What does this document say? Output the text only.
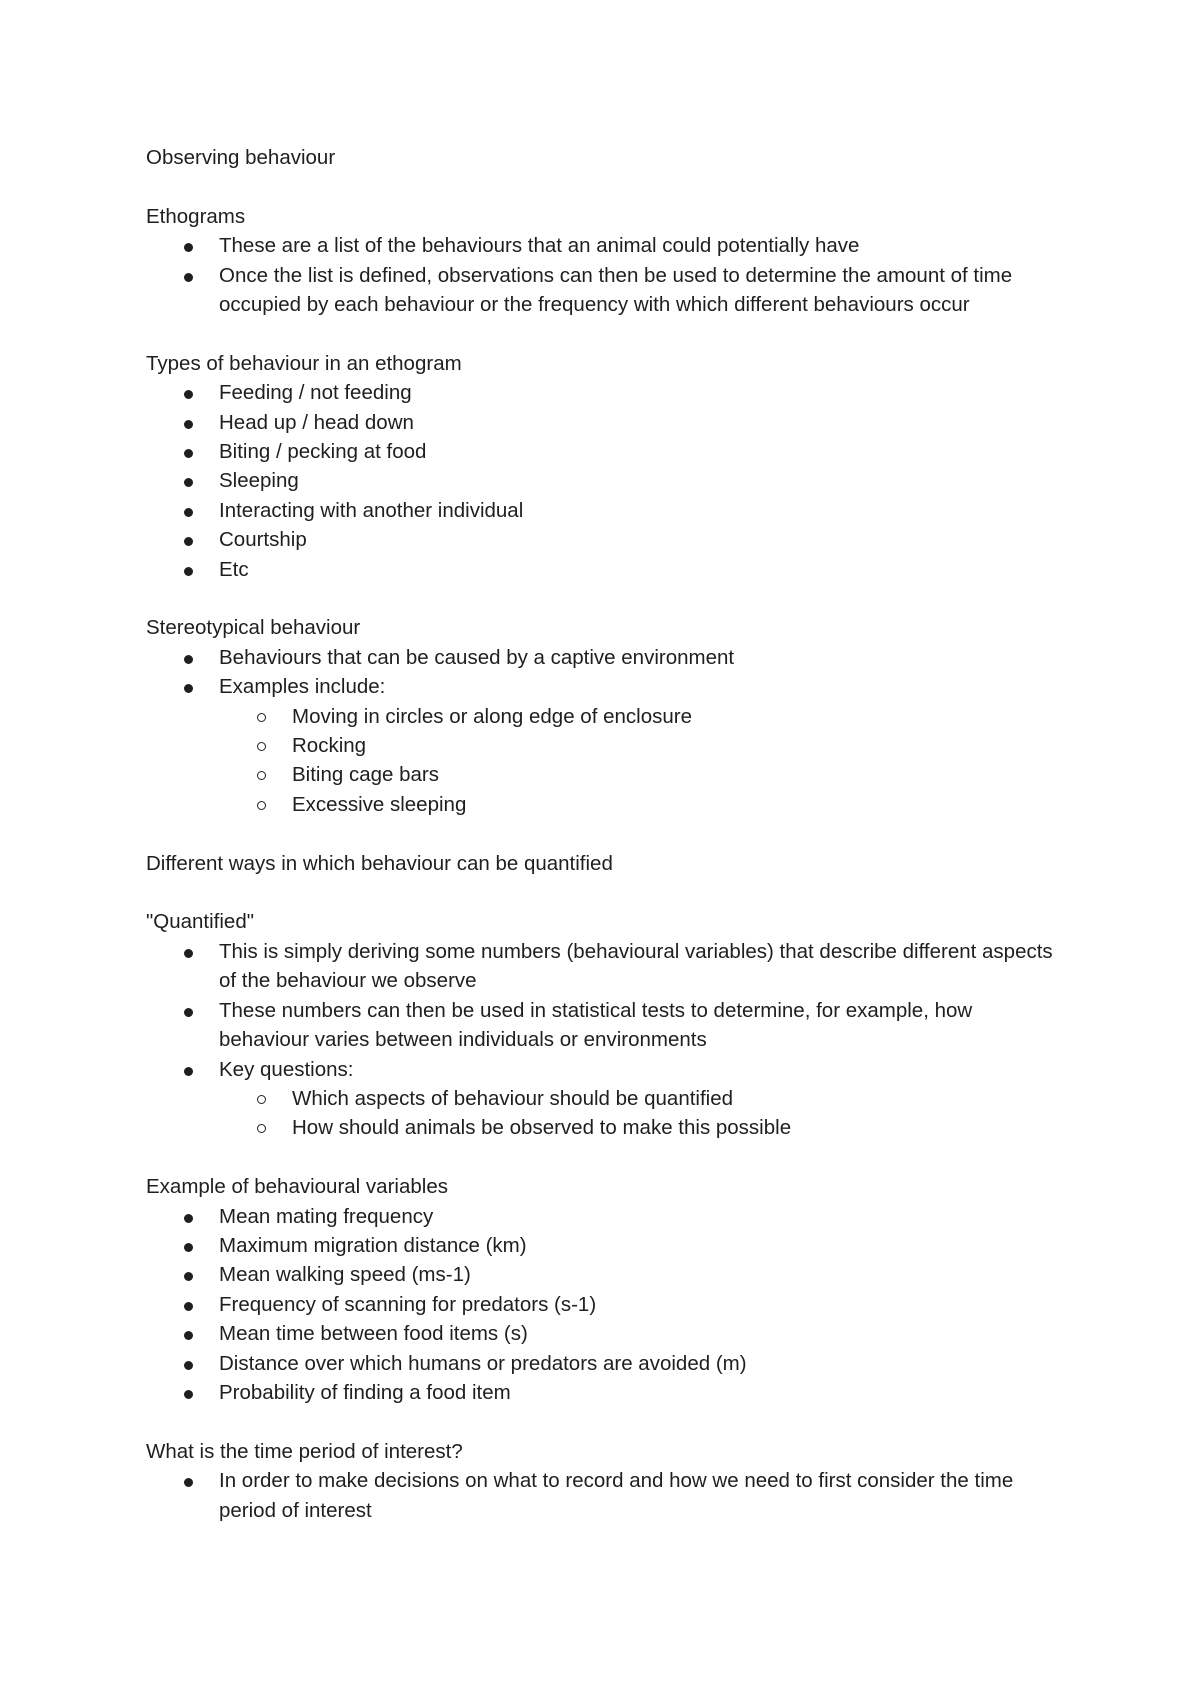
Observing behaviour
Ethograms
These are a list of the behaviours that an animal could potentially have
Once the list is defined, observations can then be used to determine the amount of time occupied by each behaviour or the frequency with which different behaviours occur
Types of behaviour in an ethogram
Feeding / not feeding
Head up / head down
Biting / pecking at food
Sleeping
Interacting with another individual
Courtship
Etc
Stereotypical behaviour
Behaviours that can be caused by a captive environment
Examples include:
Moving in circles or along edge of enclosure
Rocking
Biting cage bars
Excessive sleeping
Different ways in which behaviour can be quantified
"Quantified"
This is simply deriving some numbers (behavioural variables) that describe different aspects of the behaviour we observe
These numbers can then be used in statistical tests to determine, for example, how behaviour varies between individuals or environments
Key questions:
Which aspects of behaviour should be quantified
How should animals be observed to make this possible
Example of behavioural variables
Mean mating frequency
Maximum migration distance (km)
Mean walking speed (ms-1)
Frequency of scanning for predators (s-1)
Mean time between food items (s)
Distance over which humans or predators are avoided (m)
Probability of finding a food item
What is the time period of interest?
In order to make decisions on what to record and how we need to first consider the time period of interest
